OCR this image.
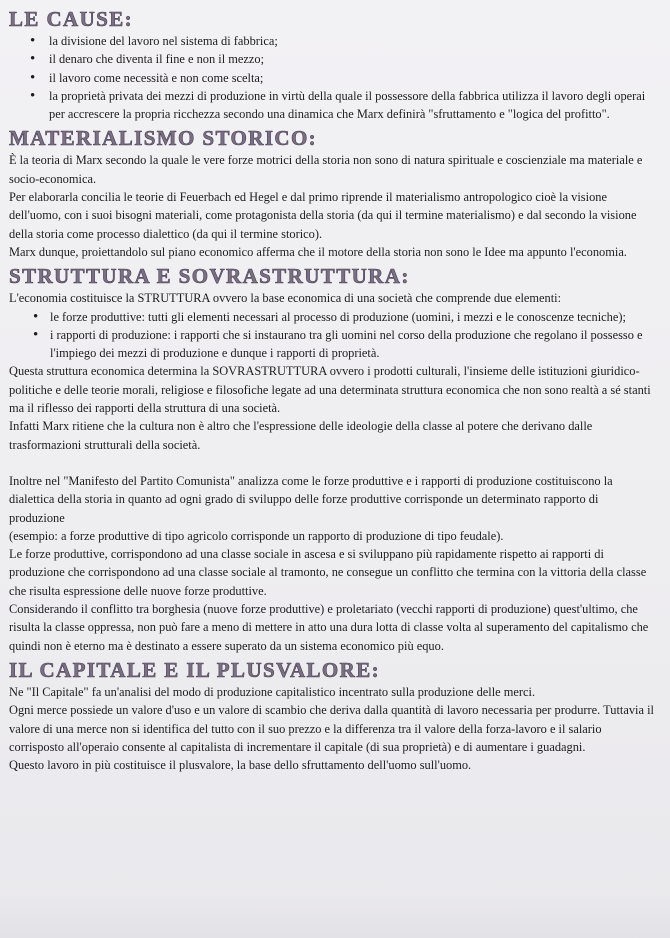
LE CAUSE:
• la divisione del lavoro nel sistema di fabbrica;
• il denaro che diventa il fine e non il mezzo;
• il lavoro come necessità e non come scelta;
• la proprietà privata dei mezzi di produzione in virtù della quale il possessore della fabbrica utilizza il lavoro degli operai per accrescere la propria ricchezza secondo una dinamica che Marx definirà "sfruttamento e "logica del profitto".
MATERIALISMO STORICO:

È la teoria di Marx secondo la quale le vere forze motrici della storia non sono di natura spirituale e coscienziale ma materiale e socio-economica.

Per elaborarla concilia le teorie di Feuerbach ed Hegel e dal primo riprende il materialismo antropologico cioè la visione dell'uomo, con i suoi bisogni materiali, come protagonista della storia (da qui il termine materialismo) e dal secondo la visione della storia come processo dialettico (da qui il termine storico).

Marx dunque, proiettandolo sul piano economico afferma che il motore della storia non sono le Idee ma appunto l'economia.

STRUTTURA E SOVRASTRUTTURA:

L'economia costituisce la STRUTTURA ovvero la base economica di una società che comprende due elementi:

• le forze produttive: tutti gli elementi necessari al processo di produzione (uomini, i mezzi e le conoscenze tecniche);
• i rapporti di produzione: i rapporti che si instaurano tra gli uomini nel corso della produzione che regolano il possesso e l'impiego dei mezzi di produzione e dunque i rapporti di proprietà.

Questa struttura economica determina la SOVRASTRUTTURA ovvero i prodotti culturali, l'insieme delle istituzioni giuridico-politiche e delle teorie morali, religiose e filosofiche legate ad una determinata struttura economica che non sono realtà a sé stanti ma il riflesso dei rapporti della struttura di una società.

Infatti Marx ritiene che la cultura non è altro che l'espressione delle ideologie della classe al potere che derivano dalle trasformazioni strutturali della società.

Inoltre nel "Manifesto del Partito Comunista" analizza come le forze produttive e i rapporti di produzione costituiscono la dialettica della storia in quanto ad ogni grado di sviluppo delle forze produttive corrisponde un determinato rapporto di produzione

(esempio: a forze produttive di tipo agricolo corrisponde un rapporto di produzione di tipo feudale).

Le forze produttive, corrispondono ad una classe sociale in ascesa e si sviluppano più rapidamente rispetto ai rapporti di produzione che corrispondono ad una classe sociale al tramonto, ne consegue un conflitto che termina con la vittoria della classe che risulta espressione delle nuove forze produttive.

Considerando il conflitto tra borghesia (nuove forze produttive) e proletariato (vecchi rapporti di produzione) quest'ultimo, che risulta la classe oppressa, non può fare a meno di mettere in atto una dura lotta di classe volta al superamento del capitalismo che quindi non è eterno ma è destinato a essere superato da un sistema economico più equo.

IL CAPITALE E IL PLUSVALORE:

Ne "Il Capitale" fa un'analisi del modo di produzione capitalistico incentrato sulla produzione delle merci.

Ogni merce possiede un valore d'uso e un valore di scambio che deriva dalla quantità di lavoro necessaria per produrre. Tuttavia il valore di una merce non si identifica del tutto con il suo prezzo e la differenza tra il valore della forza-lavoro e il salario corrisposto all'operaio consente al capitalista di incrementare il capitale (di sua proprietà) e di aumentare i guadagni.

Questo lavoro in più costituisce il plusvalore, la base dello sfruttamento dell'uomo sull'uomo.
